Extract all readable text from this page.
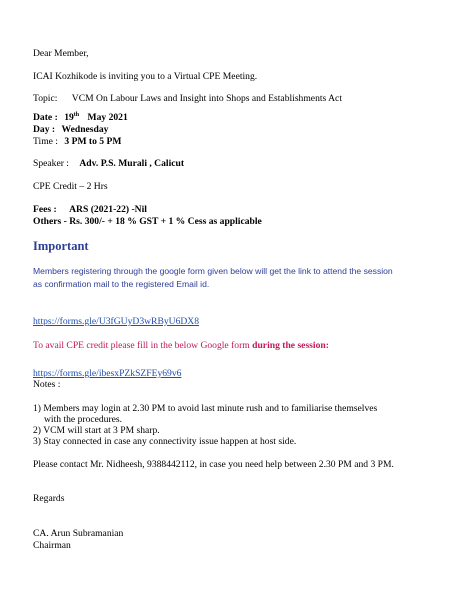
Dear Member,
ICAI Kozhikode is inviting you to a Virtual CPE Meeting.
Topic: VCM On Labour Laws and Insight into Shops and Establishments Act
Date : 19th May 2021
Day : Wednesday
Time : 3 PM to 5 PM
Speaker : Adv. P.S. Murali , Calicut
CPE Credit – 2 Hrs
Fees : ARS (2021-22) -Nil
Others - Rs. 300/- + 18 % GST + 1 % Cess as applicable
Important
Members registering through the google form given below will get the link to attend the session
as confirmation mail to the registered Email id.
https://forms.gle/U3fGUyD3wRByU6DX8
To avail CPE credit please fill in the below Google form during the session:
https://forms.gle/ibesxPZkSZFEy69v6
Notes :
1) Members may login at 2.30 PM to avoid last minute rush and to familiarise themselves
with the procedures.
2) VCM will start at 3 PM sharp.
3) Stay connected in case any connectivity issue happen at host side.
Please contact Mr. Nidheesh, 9388442112, in case you need help between 2.30 PM and 3 PM.
Regards
CA. Arun Subramanian
Chairman
